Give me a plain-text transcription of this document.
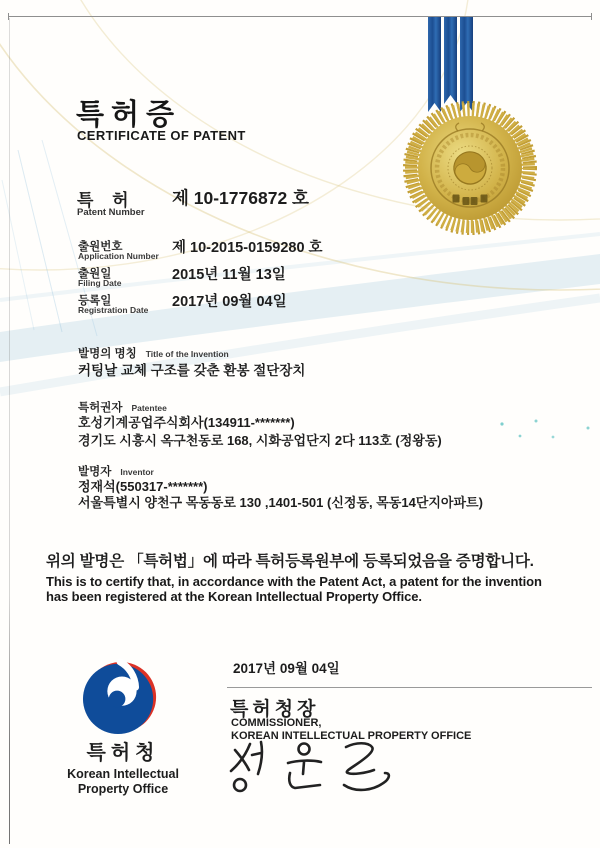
특허증
CERTIFICATE OF PATENT
특 허
Patent Number
제 10-1776872 호
출원번호
Application Number 제 10-2015-0159280 호
출원일
Filing Date	2015년 11월 13일
등록일
Registration Date 2017년 09월 04일
발명의 명칭 Title of the Invention
커팅날 교체 구조를 갖춘 환봉 절단장치
특허권자 Patentee
호성기계공업주식회사(134911-*******)
경기도 시흥시 옥구천동로 168, 시화공업단지 2다 113호 (정왕동)
발명자 Inventor
정재석(550317-*******)
서울특별시 양천구 목동동로 130 ,1401-501 (신정동, 목동14단지아파트)
위의 발명은 「특허법」에 따라 특허등록원부에 등록되었음을 증명합니다.
This is to certify that, in accordance with the Patent Act, a patent for the invention
has been registered at the Korean Intellectual Property Office.
2017년 09월 04일
특허청장
COMMISSIONER,
KOREAN INTELLECTUAL PROPERTY OFFICE
특허청
Korean Intellectual
Property Office
